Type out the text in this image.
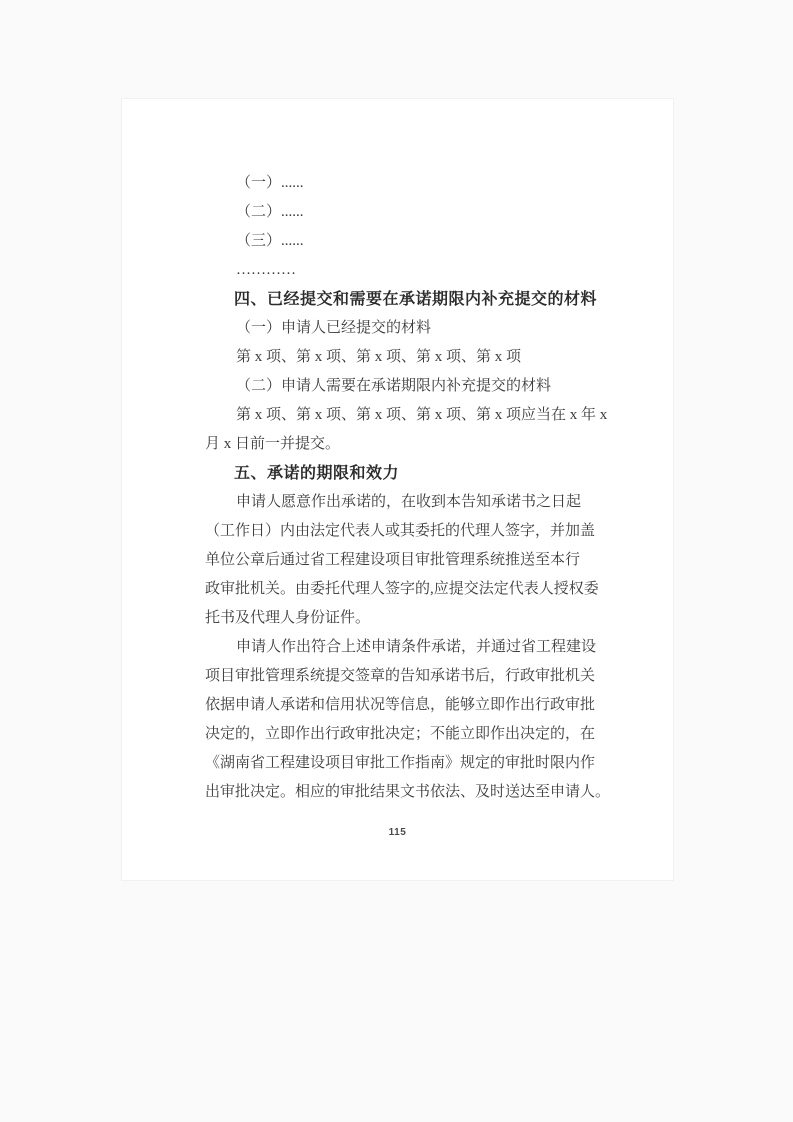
（一）......
（二）......
（三）......
…………
四、已经提交和需要在承诺期限内补充提交的材料
（一）申请人已经提交的材料
第 x 项、第 x 项、第 x 项、第 x 项、第 x 项
（二）申请人需要在承诺期限内补充提交的材料
第 x 项、第 x 项、第 x 项、第 x 项、第 x 项应当在 x 年 x
月 x 日前一并提交。
五、承诺的期限和效力
申请人愿意作出承诺的，在收到本告知承诺书之日起
（工作日）内由法定代表人或其委托的代理人签字，并加盖
单位公章后通过省工程建设项目审批管理系统推送至本行
政审批机关。由委托代理人签字的,应提交法定代表人授权委
托书及代理人身份证件。
申请人作出符合上述申请条件承诺，并通过省工程建设
项目审批管理系统提交签章的告知承诺书后，行政审批机关
依据申请人承诺和信用状况等信息，能够立即作出行政审批
决定的，立即作出行政审批决定；不能立即作出决定的，在
《湖南省工程建设项目审批工作指南》规定的审批时限内作
出审批决定。相应的审批结果文书依法、及时送达至申请人。
115
